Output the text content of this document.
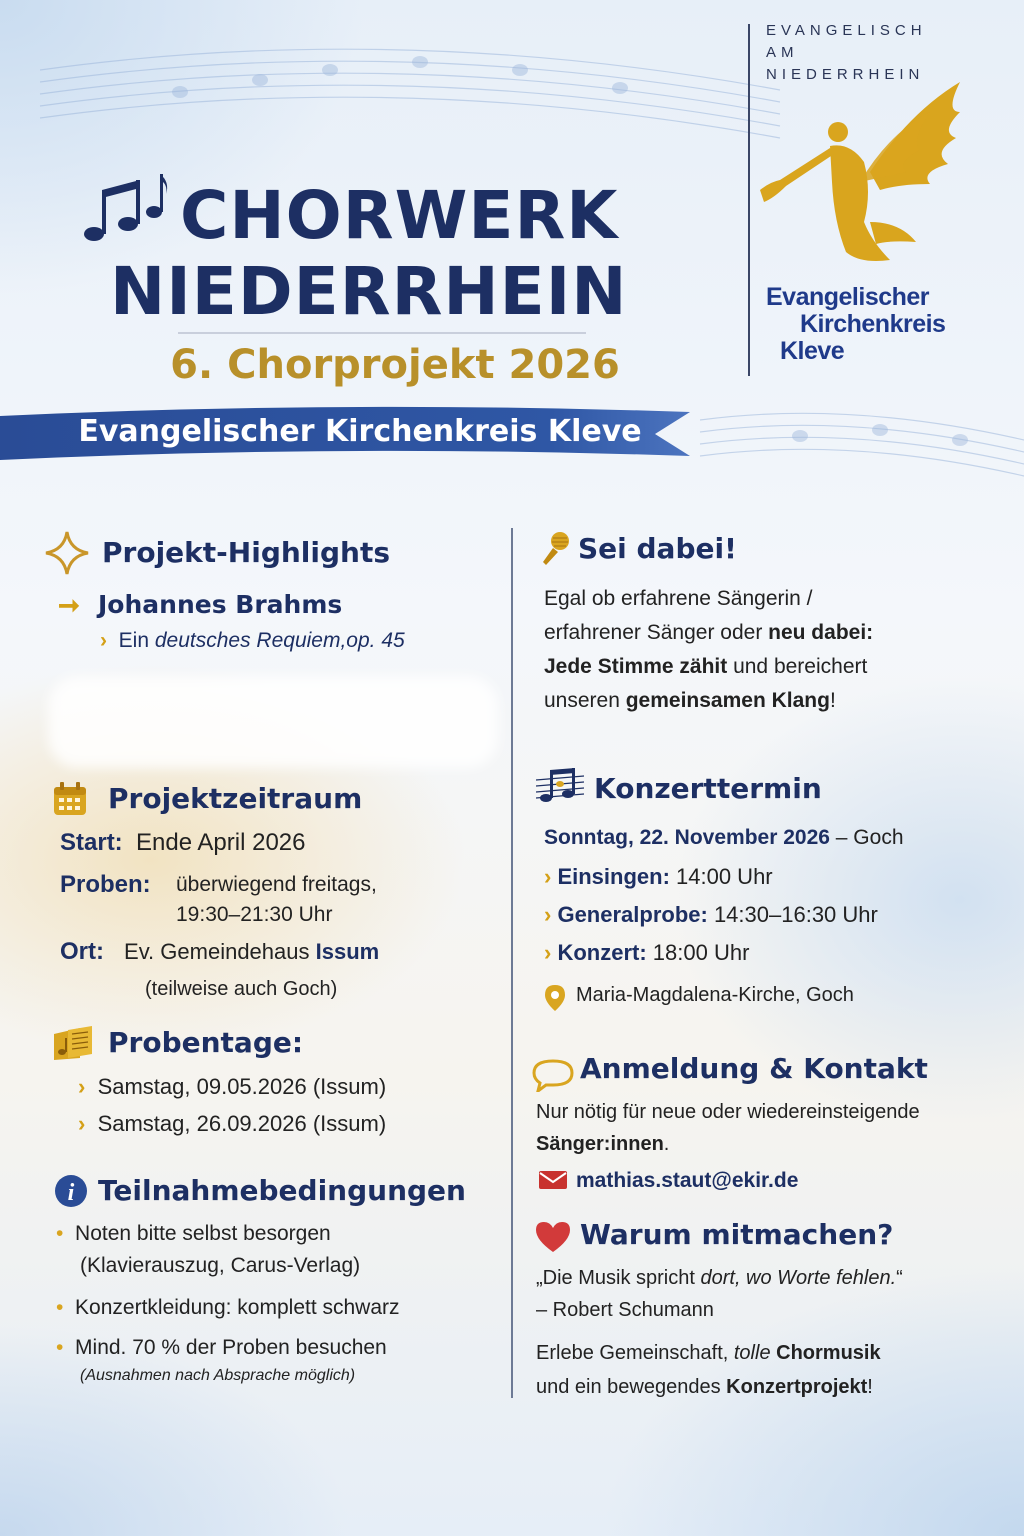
CHORWERK
NIEDERRHEIN
6. Chorprojekt 2026
Evangelischer Kirchenkreis Kleve
EVANGELISCH AM
NIEDERRHEIN
Evangelischer
Kirchenkreis
Kleve
Projekt-Highlights
➞ Johannes Brahms
› Ein deutsches Requiem,op. 45
Projektzeitraum
Start: Ende April 2026
Proben: überwiegend freitags,
19:30–21:30 Uhr
Ort: Ev. Gemeindehaus Issum
(teilweise auch Goch)
Probentage:
› Samstag, 09.05.2026 (Issum)
› Samstag, 26.09.2026 (Issum)
i Teilnahmebedingungen
• Noten bitte selbst besorgen
(Klavierauszug, Carus-Verlag)
• Konzertkleidung: komplett schwarz
• Mind. 70 % der Proben besuchen
(Ausnahmen nach Absprache möglich)
Sei dabei!
Egal ob erfahrene Sängerin /
erfahrener Sänger oder neu dabei:
Jede Stimme zähit und bereichert
unseren gemeinsamen Klang!
Konzerttermin
Sonntag, 22. November 2026 – Goch
› Einsingen: 14:00 Uhr
› Generalprobe: 14:30–16:30 Uhr
› Konzert: 18:00 Uhr
Maria-Magdalena-Kirche, Goch
Anmeldung & Kontakt
Nur nötig für neue oder wiedereinsteigende
Sänger:innen.
mathias.staut@ekir.de
Warum mitmachen?
„Die Musik spricht dort, wo Worte fehlen.“
– Robert Schumann
Erlebe Gemeinschaft, tolle Chormusik
und ein bewegendes Konzertprojekt!
